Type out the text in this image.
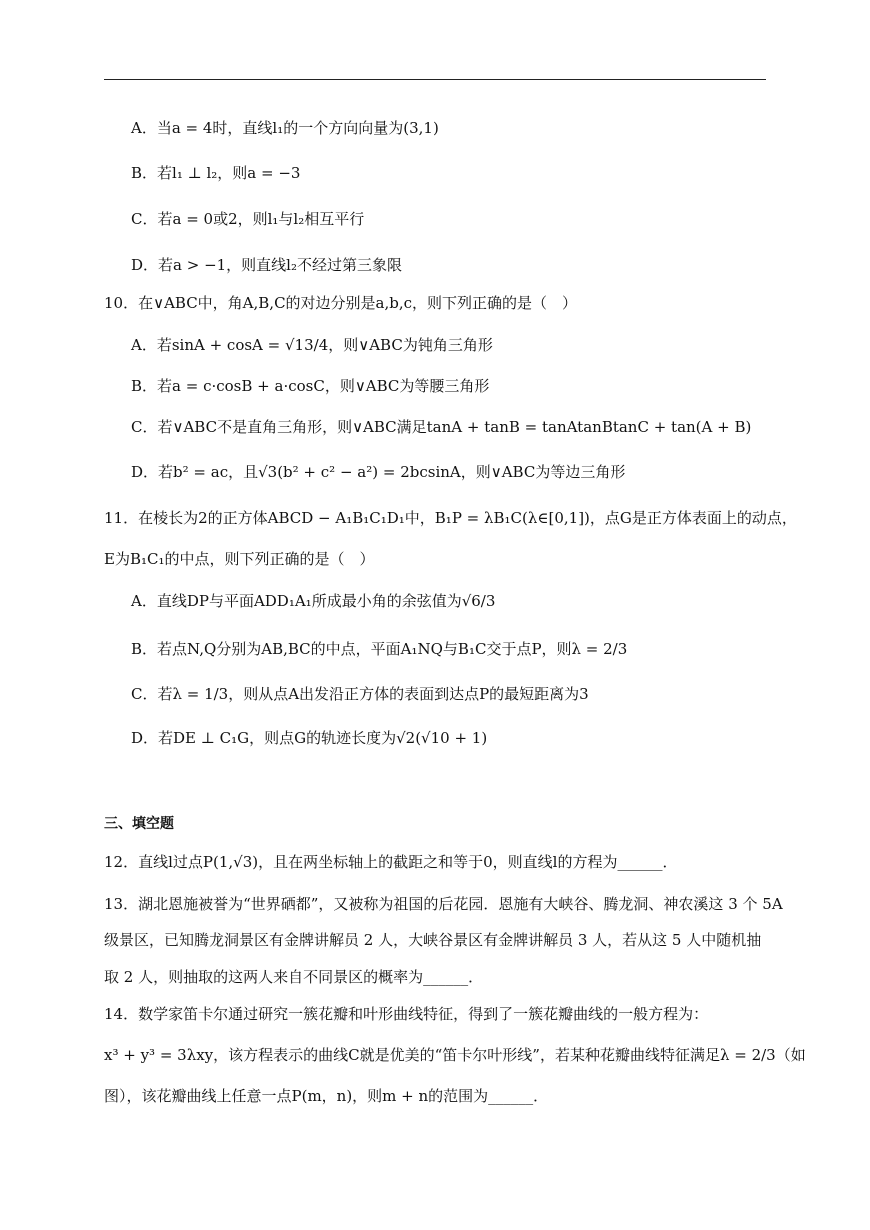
A．当a = 4时，直线l₁的一个方向向量为(3,1)
B．若l₁ ⊥ l₂，则a = −3
C．若a = 0或2，则l₁与l₂相互平行
D．若a > −1，则直线l₂不经过第三象限
10．在∨ABC中，角A,B,C的对边分别是a,b,c，则下列正确的是（　）
A．若sinA + cosA = √13/4，则∨ABC为钝角三角形
B．若a = c·cosB + a·cosC，则∨ABC为等腰三角形
C．若∨ABC不是直角三角形，则∨ABC满足tanA + tanB = tanAtanBtanC + tan(A + B)
D．若b² = ac，且√3(b² + c² − a²) = 2bcsinA，则∨ABC为等边三角形
11．在棱长为2的正方体ABCD − A₁B₁C₁D₁中，B₁P = λB₁C(λ∈[0,1])，点G是正方体表面上的动点，
E为B₁C₁的中点，则下列正确的是（　）
A．直线DP与平面ADD₁A₁所成最小角的余弦值为√6/3
B．若点N,Q分别为AB,BC的中点，平面A₁NQ与B₁C交于点P，则λ = 2/3
C．若λ = 1/3，则从点A出发沿正方体的表面到达点P的最短距离为3
D．若DE ⊥ C₁G，则点G的轨迹长度为√2(√10 + 1)
三、填空题
12．直线l过点P(1,√3)，且在两坐标轴上的截距之和等于0，则直线l的方程为______．
13．湖北恩施被誉为“世界硒都”，又被称为祖国的后花园．恩施有大峡谷、腾龙洞、神农溪这 3 个 5A
级景区，已知腾龙洞景区有金牌讲解员 2 人，大峡谷景区有金牌讲解员 3 人，若从这 5 人中随机抽
取 2 人，则抽取的这两人来自不同景区的概率为______．
14．数学家笛卡尔通过研究一簇花瓣和叶形曲线特征，得到了一簇花瓣曲线的一般方程为：
x³ + y³ = 3λxy，该方程表示的曲线C就是优美的“笛卡尔叶形线”，若某种花瓣曲线特征满足λ = 2/3（如
图），该花瓣曲线上任意一点P(m，n)，则m + n的范围为______．
